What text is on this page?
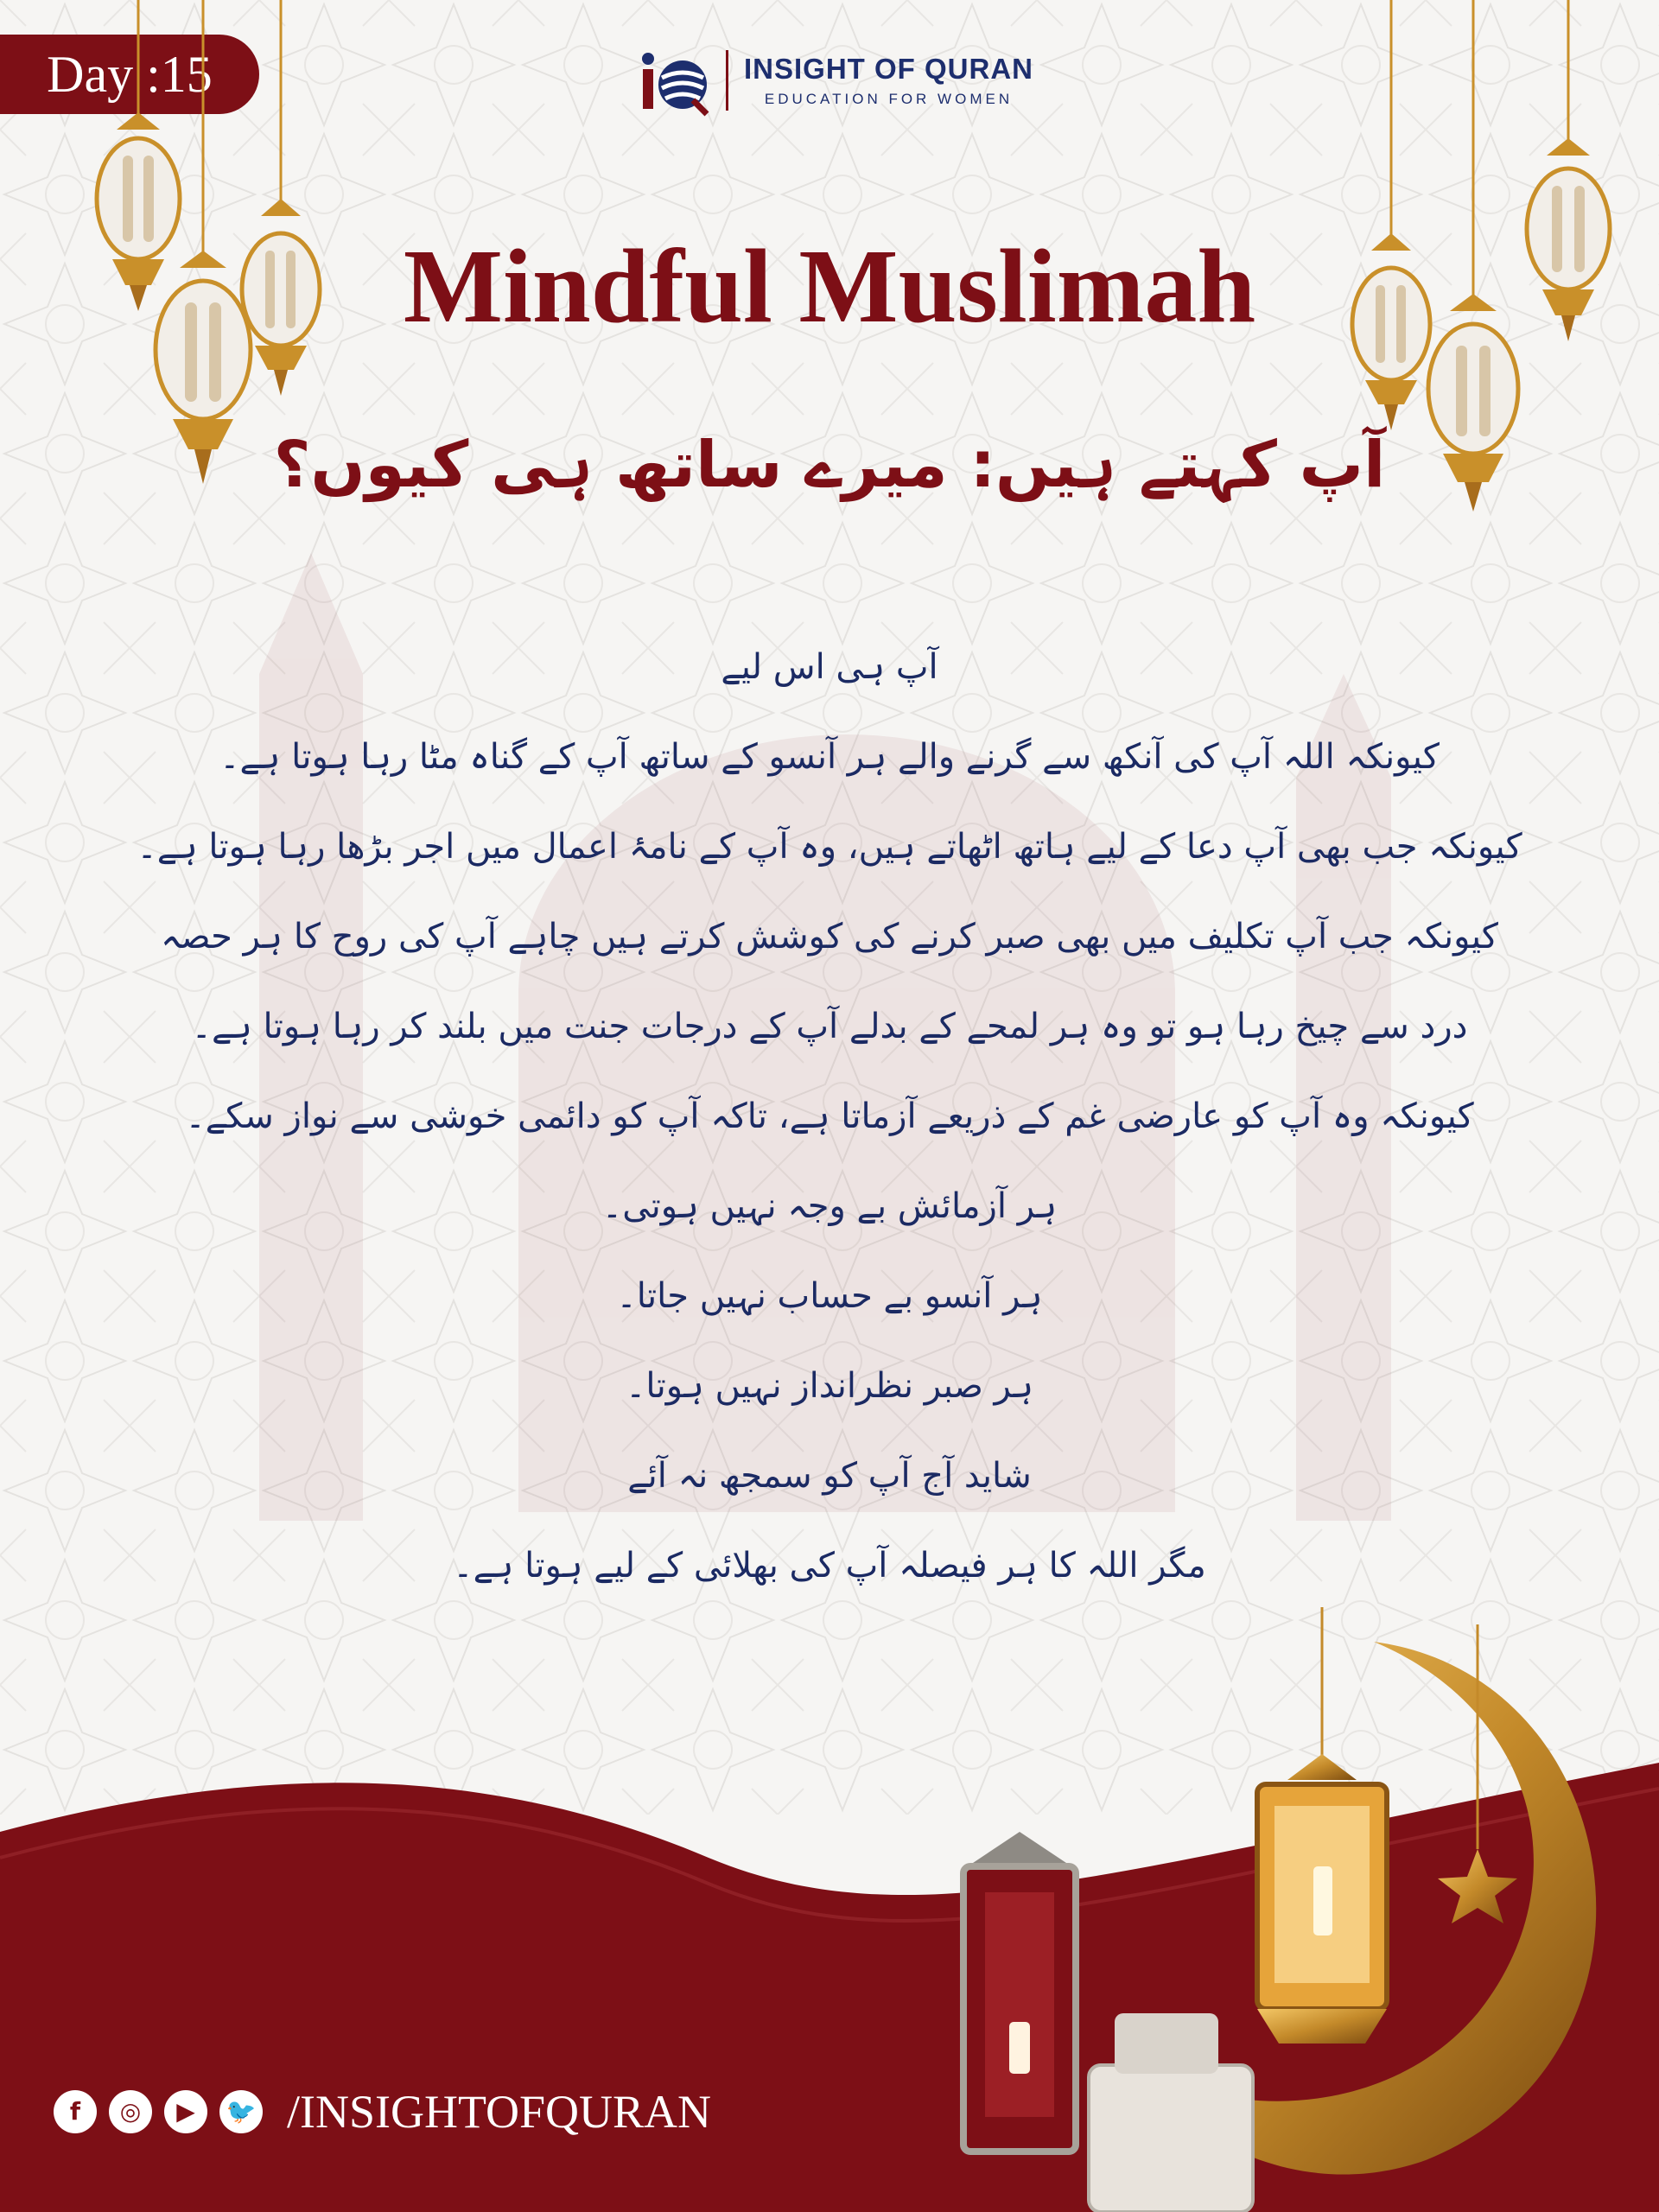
Day :15	INSIGHT OF QURAN
EDUCATION FOR WOMEN
Mindful Muslimah
آپ کہتے ہیں: میرے ساتھ ہی کیوں؟
آپ ہی اس لیے
کیونکہ اللہ آپ کی آنکھ سے گرنے والے ہر آنسو کے ساتھ آپ کے گناہ مٹا رہا ہوتا ہے۔
کیونکہ جب بھی آپ دعا کے لیے ہاتھ اٹھاتے ہیں، وہ آپ کے نامۂ اعمال میں اجر بڑھا رہا ہوتا ہے۔
کیونکہ جب آپ تکلیف میں بھی صبر کرنے کی کوشش کرتے ہیں چاہے آپ کی روح کا ہر حصہ
درد سے چیخ رہا ہو تو وہ ہر لمحے کے بدلے آپ کے درجات جنت میں بلند کر رہا ہوتا ہے۔
کیونکہ وہ آپ کو عارضی غم کے ذریعے آزماتا ہے، تاکہ آپ کو دائمی خوشی سے نواز سکے۔
ہر آزمائش بے وجہ نہیں ہوتی۔
ہر آنسو بے حساب نہیں جاتا۔
ہر صبر نظرانداز نہیں ہوتا۔
شاید آج آپ کو سمجھ نہ آئے
مگر اللہ کا ہر فیصلہ آپ کی بھلائی کے لیے ہوتا ہے۔
f	◎	▶	🐦 /INSIGHTOFQURAN
